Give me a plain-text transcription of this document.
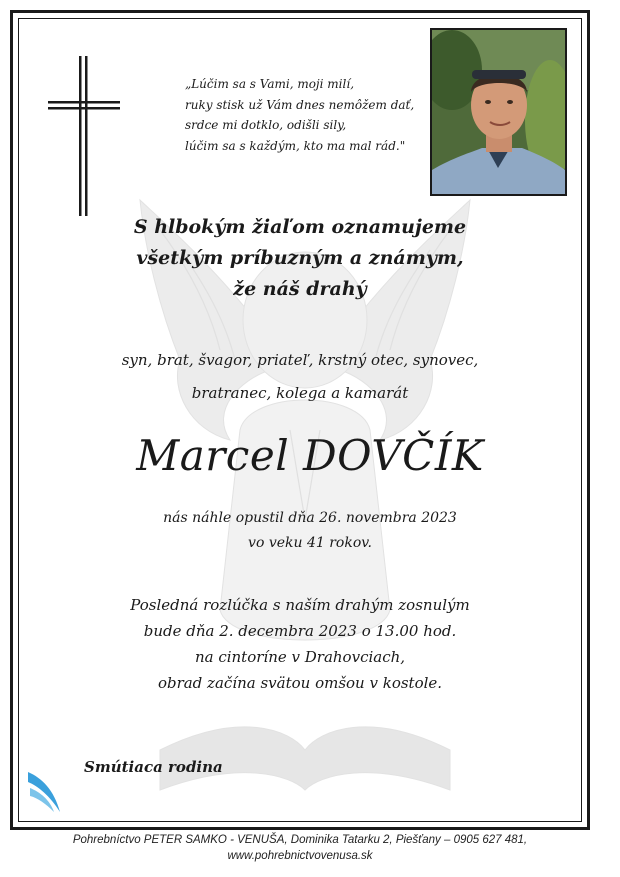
„Lúčim sa s Vami, moji milí,
ruky stisk už Vám dnes nemôžem dať,
srdce mi dotklo, odišli sily,
lúčim sa s každým, kto ma mal rád."
S hlbokým žiaľom oznamujeme
všetkým príbuzným a známym,
že náš drahý
syn, brat, švagor, priateľ, krstný otec, synovec,
bratranec, kolega a kamarát
Marcel DOVČÍK
nás náhle opustil dňa 26. novembra 2023
vo veku 41 rokov.
Posledná rozlúčka s naším drahým zosnulým
bude dňa 2. decembra 2023 o 13.00 hod.
na cintoríne v Drahovciach,
obrad začína svätou omšou v kostole.
Smútiaca rodina
Pohrebníctvo PETER SAMKO - VENUŠA, Dominika Tatarku 2, Piešťany – 0905 627 481,
www.pohrebnictvovenusa.sk
